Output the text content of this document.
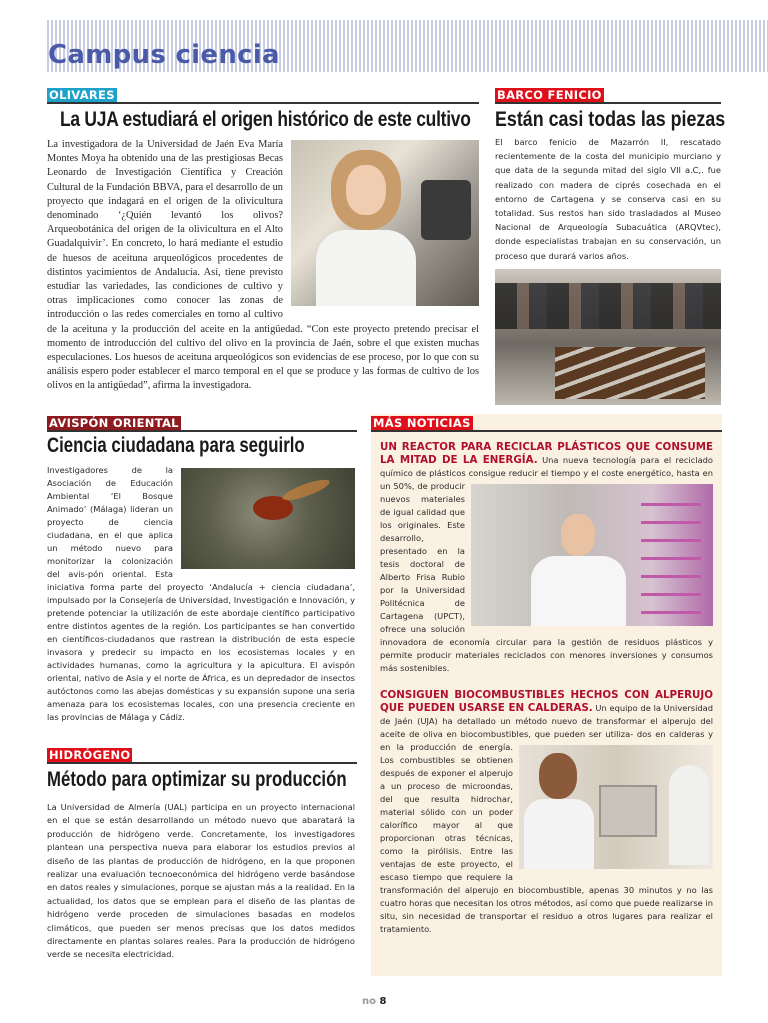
Campus ciencia
OLIVARES
La UJA estudiará el origen histórico de este cultivo
La investigadora de la Universidad de Jaén Eva María Montes Moya ha obtenido una de las prestigiosas Becas Leonardo de Investigación Científica y Creación Cultural de la Fundación BBVA, para el desarrollo de un proyecto que indagará en el origen de la olivicultura denominado ‘¿Quién levantó los olivos? Arqueobotánica del origen de la olivicultura en el Alto Guadalquivir’. En concreto, lo hará mediante el estudio de huesos de aceituna arqueológicos procedentes de distintos yacimientos de Andalucía. Así, tiene previsto estudiar las variedades, las condiciones de cultivo y otras implicaciones como conocer las zonas de introducción o las redes comerciales en torno al cultivo de la aceituna y la producción del aceite en la antigüedad. “Con este proyecto pretendo precisar el momento de introducción del cultivo del olivo en la provincia de Jaén, sobre el que existen muchas especulaciones. Los huesos de aceituna arqueológicos son evidencias de ese proceso, por lo que con su análisis espero poder establecer el marco temporal en el que se produce y las formas de cultivo de los olivos en la antigüedad”, afirma la investigadora.
BARCO FENICIO
Están casi todas las piezas
El barco fenicio de Mazarrón II, rescatado recientemente de la costa del municipio murciano y que data de la segunda mitad del siglo VII a.C,. fue realizado con madera de ciprés cosechada en el entorno de Cartagena y se conserva casi en su totalidad. Sus restos han sido trasladados al Museo Nacional de Arqueología Subacuática (ARQVtec), donde especialistas trabajan en su conservación, un proceso que durará varios años.
AVISPÓN ORIENTAL
Ciencia ciudadana para seguirlo
Investigadores de la Asociación de Educación Ambiental ‘El Bosque Animado’ (Málaga) lideran un proyecto de ciencia ciudadana, en el que aplica un método nuevo para monitorizar la colonización del avis-pón oriental. Esta iniciativa forma parte del proyecto ‘Andalucía + ciencia ciudadana’, impulsado por la Consejería de Universidad, Investigación e Innovación, y pretende potenciar la utilización de este abordaje científico participativo entre distintos agentes de la región. Los participantes se han convertido en científicos-ciudadanos que rastrean la distribución de esta especie invasora y predecir su impacto en los ecosistemas locales y en actividades humanas, como la agricultura y la apicultura. El avispón oriental, nativo de Asia y el norte de África, es un depredador de insectos autóctonos como las abejas domésticas y su expansión supone una seria amenaza para los ecosistemas locales, con una presencia creciente en las provincias de Málaga y Cádiz.
HIDRÓGENO
Método para optimizar su producción
La Universidad de Almería (UAL) participa en un proyecto internacional en el que se están desarrollando un método nuevo que abaratará la producción de hidrógeno verde. Concretamente, los investigadores plantean una perspectiva nueva para elaborar los estudios previos al diseño de las plantas de producción de hidrógeno, en la que proponen realizar una evaluación tecnoeconómica del hidrógeno verde basándose en datos reales y simulaciones, porque se ajustan más a la realidad. En la actualidad, los datos que se emplean para el diseño de las plantas de hidrógeno verde proceden de simulaciones basadas en modelos climáticos, que pueden ser menos precisas que los datos medidos directamente en plantas solares reales. Para la producción de hidrógeno verde se necesita electricidad.
MÁS NOTICIAS
UN REACTOR PARA RECICLAR PLÁSTICOS QUE CONSUME LA MITAD DE LA ENERGÍA. Una nueva tecnología para el reciclado químico de plásticos consigue reducir el tiempo y el coste energético, hasta en un 50%, de producir nuevos materiales de igual calidad que los originales. Este desarrollo, presentado en la tesis doctoral de Alberto Frisa Rubio por la Universidad Politécnica de Cartagena (UPCT), ofrece una solución innovadora de economía circular para la gestión de residuos plásticos y permite producir materiales reciclados con menores inversiones y consumos más sostenibles.
CONSIGUEN BIOCOMBUSTIBLES HECHOS CON ALPERUJO QUE PUEDEN USARSE EN CALDERAS. Un equipo de la Universidad de Jaén (UJA) ha detallado un método nuevo de transformar el alperujo del aceite de oliva en biocombustibles, que pueden ser utiliza- dos en calderas y en la producción de energía. Los combustibles se obtienen después de exponer el alperujo a un proceso de microondas, del que resulta hidrochar, material sólido con un poder calorífico mayor al que proporcionan otras técnicas, como la pirólisis. Entre las ventajas de este proyecto, el escaso tiempo que requiere la transformación del alperujo en biocombustible, apenas 30 minutos y no las cuatro horas que necesitan los otros métodos, así como que puede realizarse in situ, sin necesidad de transportar el residuo a otros lugares para realizar el tratamiento.
no 8
